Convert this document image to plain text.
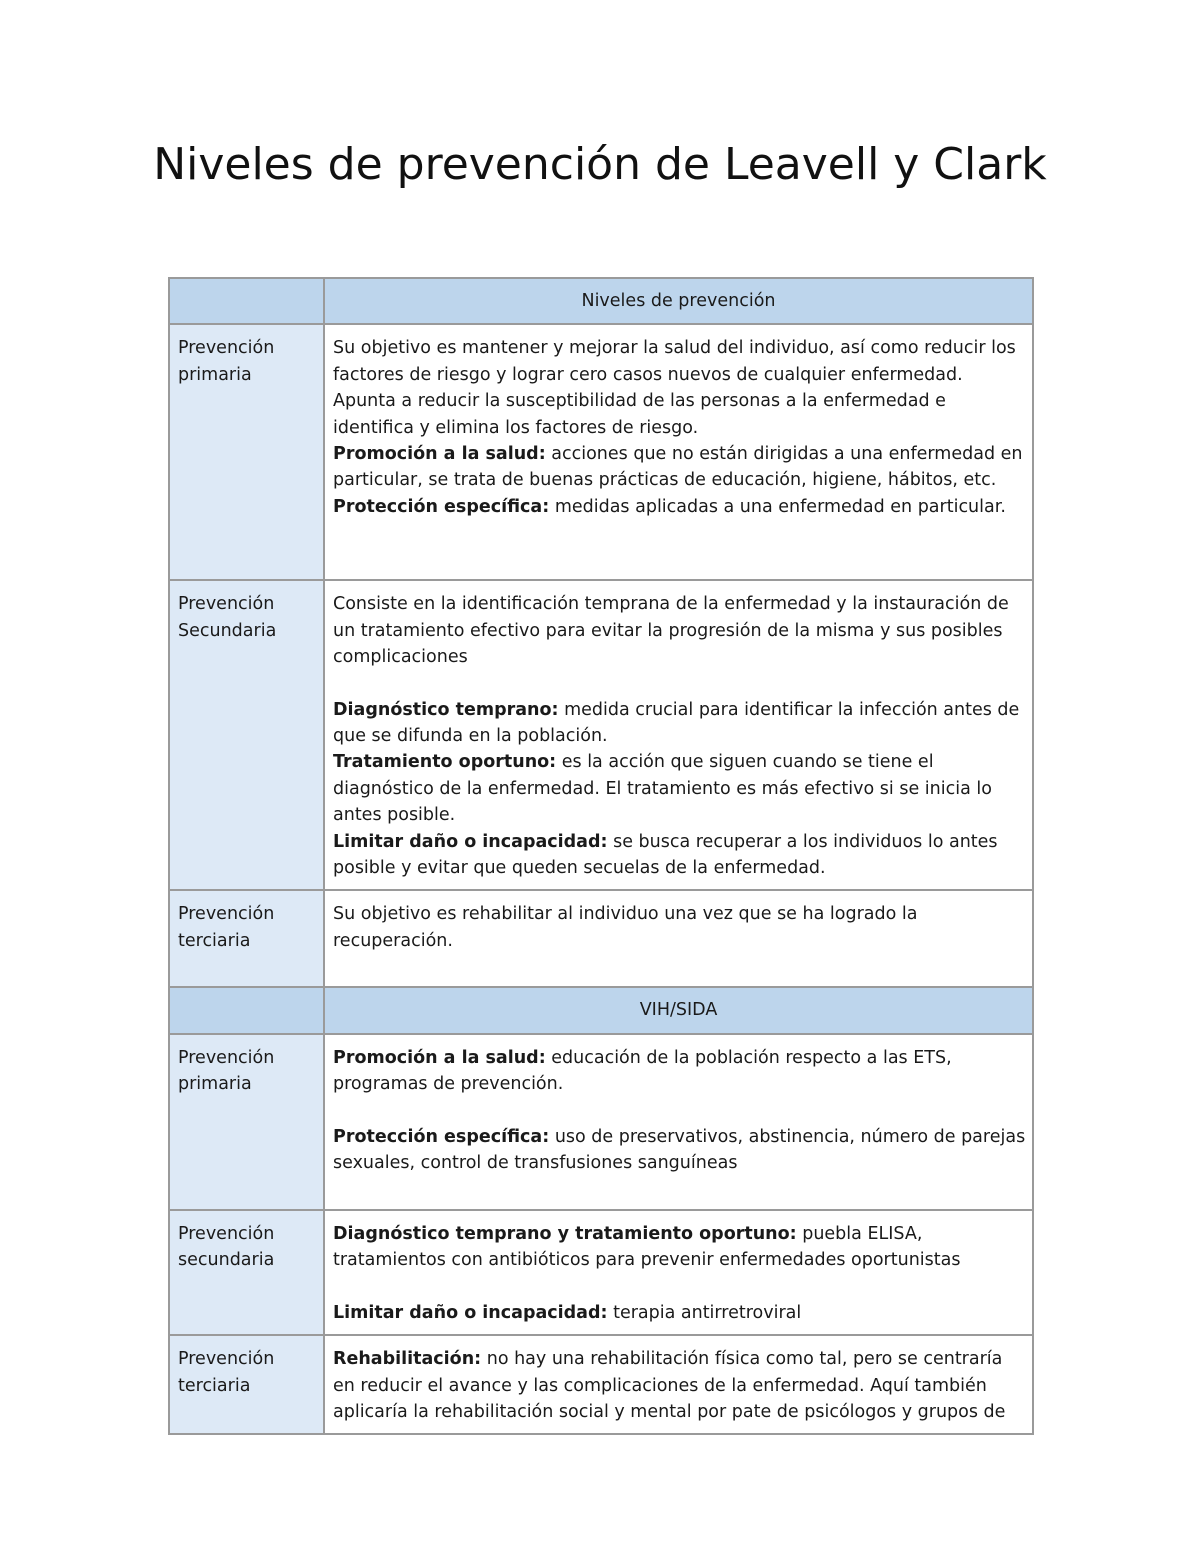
Niveles de prevención de Leavell y Clark
	Niveles de prevención
Prevención primaria	Su objetivo es mantener y mejorar la salud del individuo, así como reducir los factores de riesgo y lograr cero casos nuevos de cualquier enfermedad. Apunta a reducir la susceptibilidad de las personas a la enfermedad e identifica y elimina los factores de riesgo.

Promoción a la salud: acciones que no están dirigidas a una enfermedad en particular, se trata de buenas prácticas de educación, higiene, hábitos, etc.

Protección específica: medidas aplicadas a una enfermedad en particular.

Prevención Secundaria	Consiste en la identificación temprana de la enfermedad y la instauración de un tratamiento efectivo para evitar la progresión de la misma y sus posibles complicaciones

Diagnóstico temprano: medida crucial para identificar la infección antes de que se difunda en la población.

Tratamiento oportuno: es la acción que siguen cuando se tiene el diagnóstico de la enfermedad. El tratamiento es más efectivo si se inicia lo antes posible.

Limitar daño o incapacidad: se busca recuperar a los individuos lo antes posible y evitar que queden secuelas de la enfermedad.

Prevención terciaria	Su objetivo es rehabilitar al individuo una vez que se ha logrado la recuperación.

	VIH/SIDA
Prevención primaria	Promoción a la salud: educación de la población respecto a las ETS, programas de prevención.

Protección específica: uso de preservativos, abstinencia, número de parejas sexuales, control de transfusiones sanguíneas

Prevención secundaria	Diagnóstico temprano y tratamiento oportuno: puebla ELISA, tratamientos con antibióticos para prevenir enfermedades oportunistas

Limitar daño o incapacidad: terapia antirretroviral

Prevención terciaria	Rehabilitación: no hay una rehabilitación física como tal, pero se centraría en reducir el avance y las complicaciones de la enfermedad. Aquí también aplicaría la rehabilitación social y mental por pate de psicólogos y grupos de
